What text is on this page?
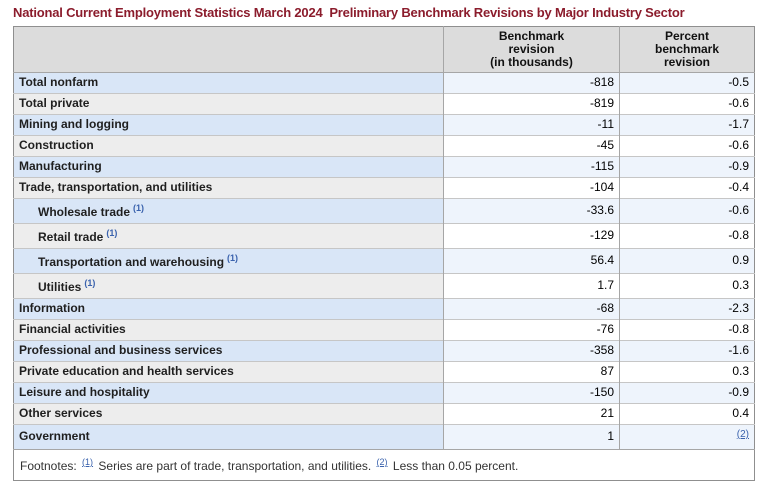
National Current Employment Statistics March 2024  Preliminary Benchmark Revisions by Major Industry Sector

Benchmark
revision
(in thousands)

Percent
benchmark
revision

Total nonfarm	-818	-0.5
Total private	-819	-0.6
Mining and logging	-11	-1.7
Construction	-45	-0.6
Manufacturing	-115	-0.9
Trade, transportation, and utilities	-104	-0.4
Wholesale trade $^{(1)}$	-33.6	-0.6
Retail trade $^{(1)}$	-129	-0.8
Transportation and warehousing $^{(1)}$	56.4	0.9
Utilities $^{(1)}$	1.7	0.3
Information	-68	-2.3
Financial activities	-76	-0.8
Professional and business services	-358	-1.6
Private education and health services	87	0.3
Leisure and hospitality	-150	-0.9
Other services	21	0.4
Government	1	$^{(2)}$
Footnotes: $^{(1)}$ Series are part of trade, transportation, and utilities. $^{(2)}$ Less than 0.05 percent.		
